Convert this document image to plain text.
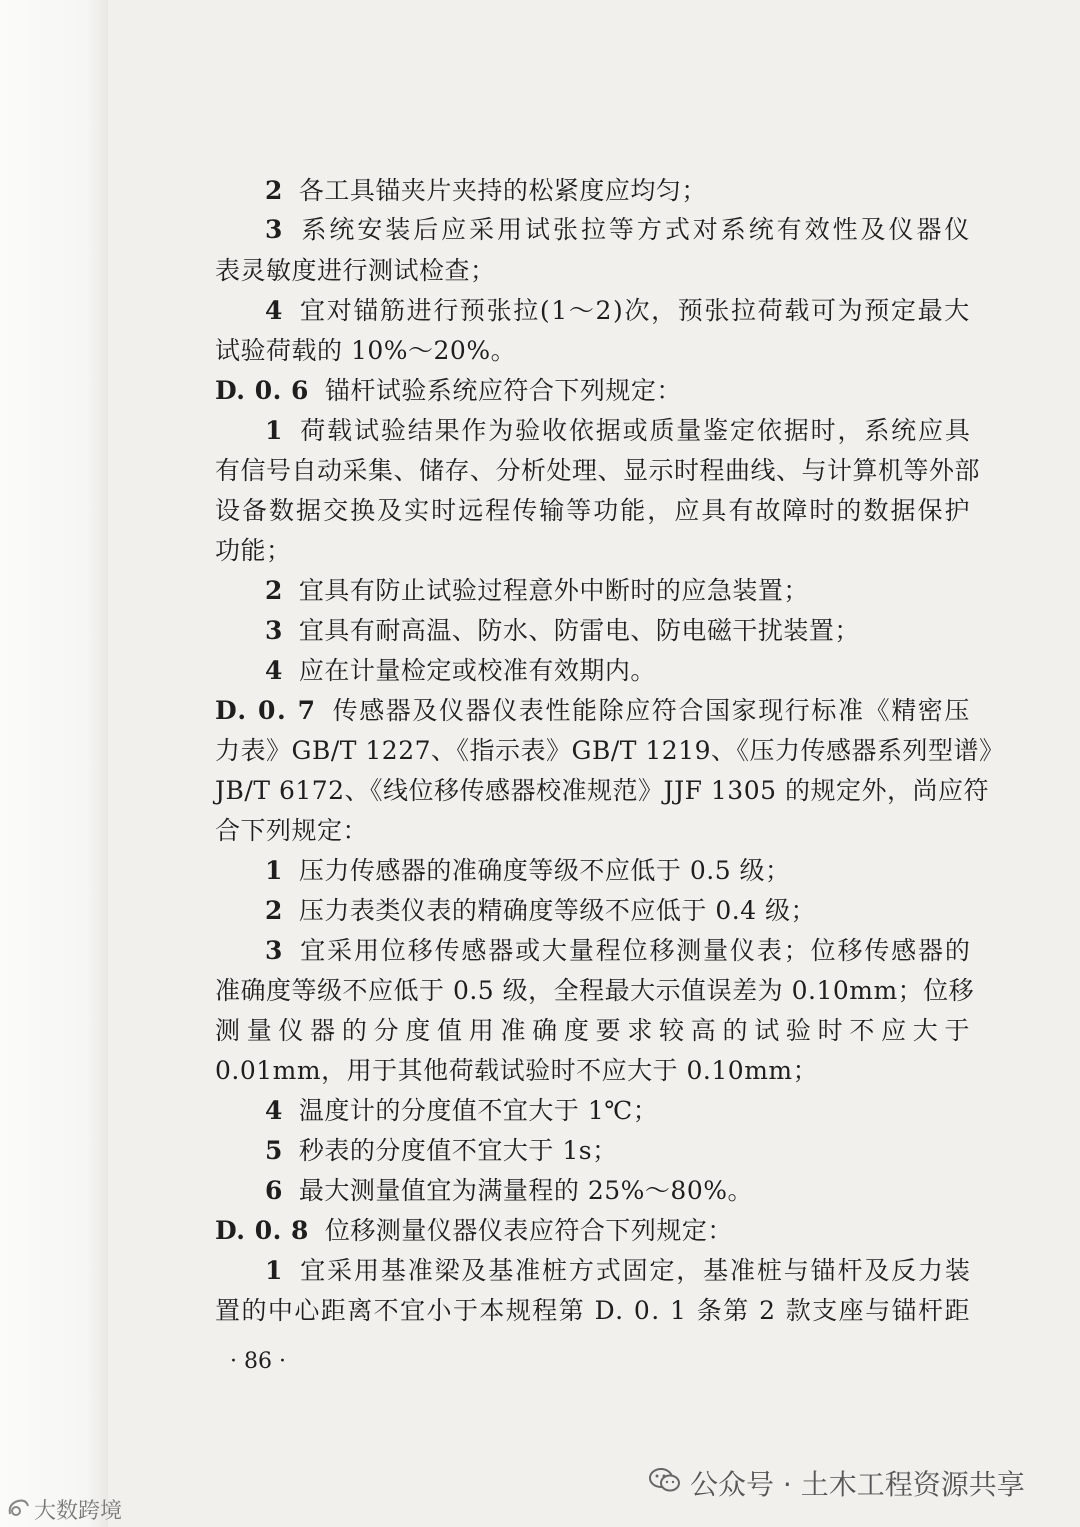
2 各工具锚夹片夹持的松紧度应均匀；
3 系统安装后应采用试张拉等方式对系统有效性及仪器仪
表灵敏度进行测试检查；
4 宜对锚筋进行预张拉(1～2)次，预张拉荷载可为预定最大
试验荷载的 10%～20%。
D. 0. 6 锚杆试验系统应符合下列规定：
1 荷载试验结果作为验收依据或质量鉴定依据时，系统应具
有信号自动采集、储存、分析处理、显示时程曲线、与计算机等外部
设备数据交换及实时远程传输等功能，应具有故障时的数据保护
功能；
2 宜具有防止试验过程意外中断时的应急装置；
3 宜具有耐高温、防水、防雷电、防电磁干扰装置；
4 应在计量检定或校准有效期内。
D. 0. 7 传感器及仪器仪表性能除应符合国家现行标准《精密压
力表》GB/T 1227、《指示表》GB/T 1219、《压力传感器系列型谱》
JB/T 6172、《线位移传感器校准规范》JJF 1305 的规定外，尚应符
合下列规定：
1 压力传感器的准确度等级不应低于 0.5 级；
2 压力表类仪表的精确度等级不应低于 0.4 级；
3 宜采用位移传感器或大量程位移测量仪表；位移传感器的
准确度等级不应低于 0.5 级，全程最大示值误差为 0.10mm；位移
测量仪器的分度值用准确度要求较高的试验时不应大于
0.01mm，用于其他荷载试验时不应大于 0.10mm；
4 温度计的分度值不宜大于 1℃；
5 秒表的分度值不宜大于 1s；
6 最大测量值宜为满量程的 25%～80%。
D. 0. 8 位移测量仪器仪表应符合下列规定：
1 宜采用基准梁及基准桩方式固定，基准桩与锚杆及反力装
置的中心距离不宜小于本规程第 D. 0. 1 条第 2 款支座与锚杆距
· 86 ·
公众号 · 土木工程资源共享
大数跨境
